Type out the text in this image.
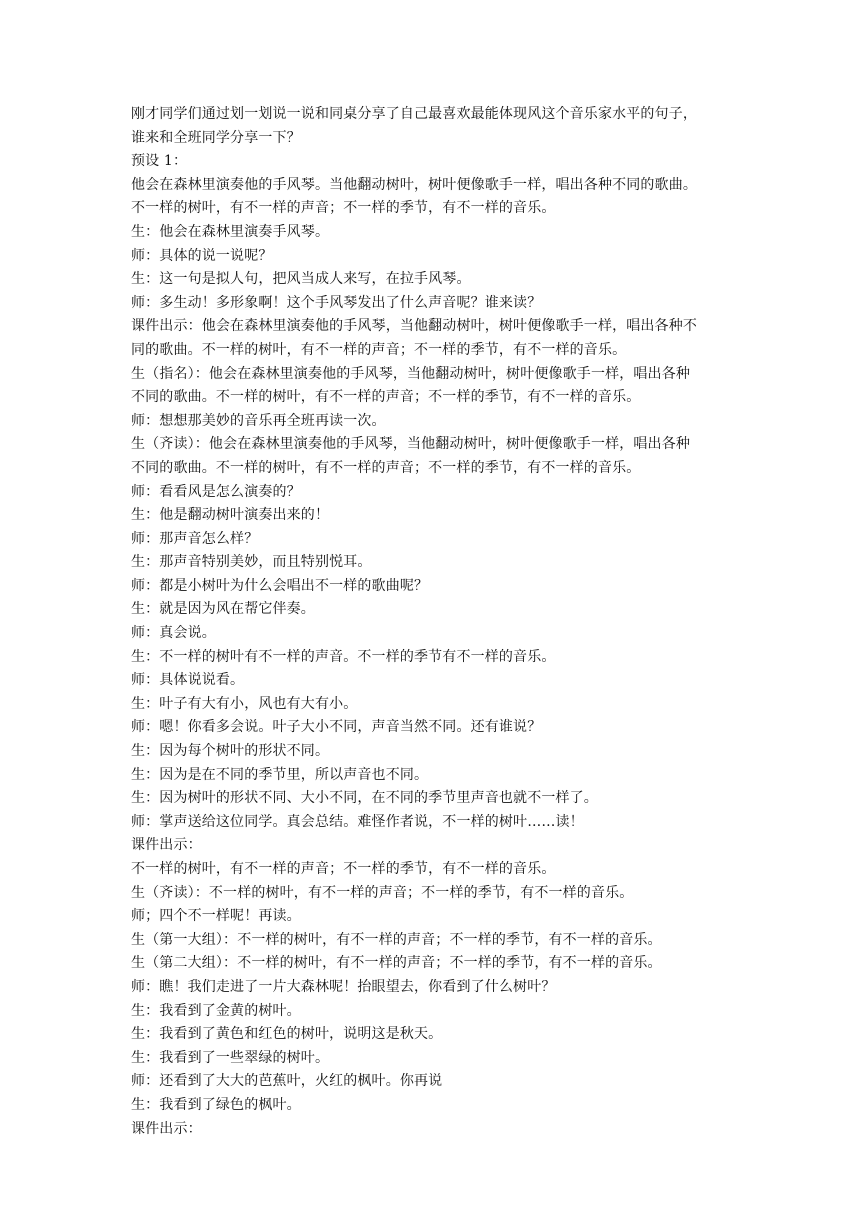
刚才同学们通过划一划说一说和同桌分享了自己最喜欢最能体现风这个音乐家水平的句子，
谁来和全班同学分享一下？
预设 1：
他会在森林里演奏他的手风琴。当他翻动树叶，树叶便像歌手一样，唱出各种不同的歌曲。
不一样的树叶，有不一样的声音；不一样的季节，有不一样的音乐。
生：他会在森林里演奏手风琴。
师：具体的说一说呢？
生：这一句是拟人句，把风当成人来写，在拉手风琴。
师：多生动！多形象啊！这个手风琴发出了什么声音呢？谁来读？
课件出示：他会在森林里演奏他的手风琴，当他翻动树叶，树叶便像歌手一样，唱出各种不
同的歌曲。不一样的树叶，有不一样的声音；不一样的季节，有不一样的音乐。
生（指名）：他会在森林里演奏他的手风琴，当他翻动树叶，树叶便像歌手一样，唱出各种
不同的歌曲。不一样的树叶，有不一样的声音；不一样的季节，有不一样的音乐。
师：想想那美妙的音乐再全班再读一次。
生（齐读）：他会在森林里演奏他的手风琴，当他翻动树叶，树叶便像歌手一样，唱出各种
不同的歌曲。不一样的树叶，有不一样的声音；不一样的季节，有不一样的音乐。
师：看看风是怎么演奏的？
生：他是翻动树叶演奏出来的！
师：那声音怎么样？
生：那声音特别美妙，而且特别悦耳。
师：都是小树叶为什么会唱出不一样的歌曲呢？
生：就是因为风在帮它伴奏。
师：真会说。
生：不一样的树叶有不一样的声音。不一样的季节有不一样的音乐。
师：具体说说看。
生：叶子有大有小，风也有大有小。
师：嗯！你看多会说。叶子大小不同，声音当然不同。还有谁说？
生：因为每个树叶的形状不同。
生：因为是在不同的季节里，所以声音也不同。
生：因为树叶的形状不同、大小不同，在不同的季节里声音也就不一样了。
师：掌声送给这位同学。真会总结。难怪作者说，不一样的树叶……读！
课件出示：
不一样的树叶，有不一样的声音；不一样的季节，有不一样的音乐。
生（齐读）：不一样的树叶，有不一样的声音；不一样的季节，有不一样的音乐。
师；四个不一样呢！再读。
生（第一大组）：不一样的树叶，有不一样的声音；不一样的季节，有不一样的音乐。
生（第二大组）：不一样的树叶，有不一样的声音；不一样的季节，有不一样的音乐。
师：瞧！我们走进了一片大森林呢！抬眼望去，你看到了什么树叶？
生：我看到了金黄的树叶。
生：我看到了黄色和红色的树叶，说明这是秋天。
生：我看到了一些翠绿的树叶。
师：还看到了大大的芭蕉叶，火红的枫叶。你再说
生：我看到了绿色的枫叶。
课件出示：
